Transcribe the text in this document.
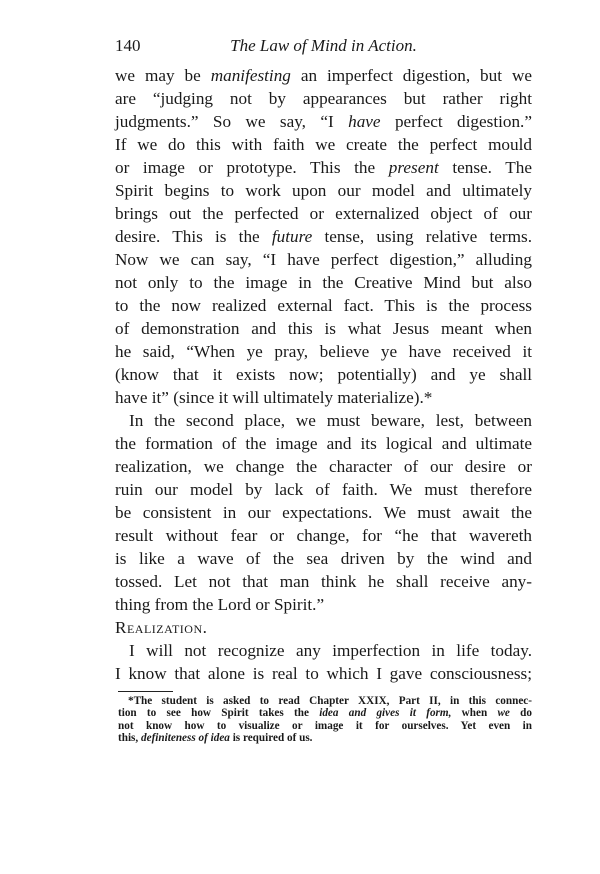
140	The Law of Mind in Action.
we may be manifesting an imperfect digestion, but we
are “judging not by appearances but rather right
judgments.” So we say, “I have perfect digestion.”
If we do this with faith we create the perfect mould
or image or prototype. This the present tense. The
Spirit begins to work upon our model and ultimately
brings out the perfected or externalized object of our
desire. This is the future tense, using relative terms.
Now we can say, “I have perfect digestion,” alluding
not only to the image in the Creative Mind but also
to the now realized external fact. This is the process
of demonstration and this is what Jesus meant when
he said, “When ye pray, believe ye have received it
(know that it exists now; potentially) and ye shall
have it” (since it will ultimately materialize).*
In the second place, we must beware, lest, between
the formation of the image and its logical and ultimate
realization, we change the character of our desire or
ruin our model by lack of faith. We must therefore
be consistent in our expectations. We must await the
result without fear or change, for “he that wavereth
is like a wave of the sea driven by the wind and
tossed. Let not that man think he shall receive any-
thing from the Lord or Spirit.”
Realization.
I will not recognize any imperfection in life today.
I know that alone is real to which I gave consciousness;
*The student is asked to read Chapter XXIX, Part II, in this connec-
tion to see how Spirit takes the idea and gives it form, when we do
not know how to visualize or image it for ourselves. Yet even in
this, definiteness of idea is required of us.
